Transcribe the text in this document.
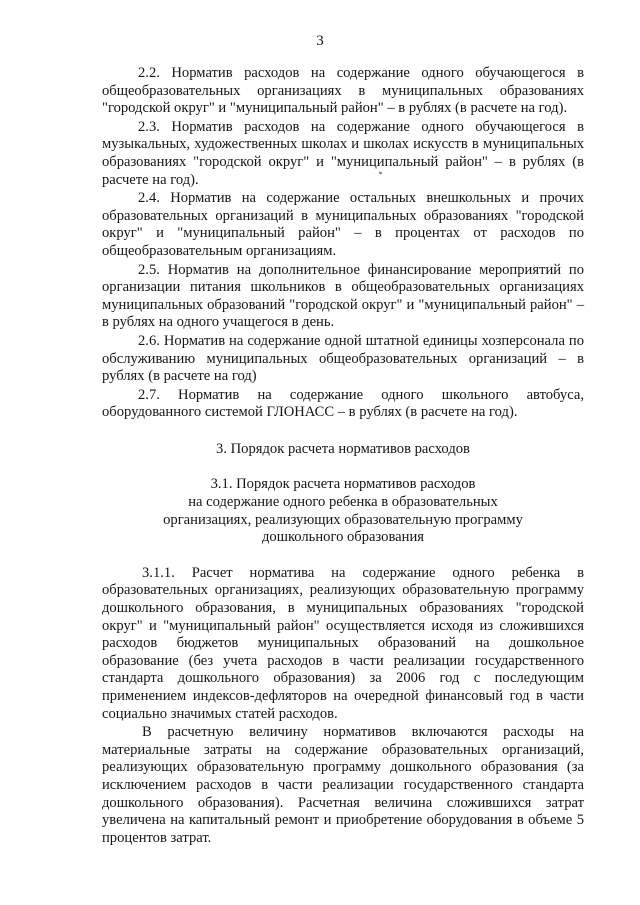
3

2.2. Норматив расходов на содержание одного обучающегося в общеобразовательных организациях в муниципальных образованиях "городской округ" и "муниципальный район" – в рублях (в расчете на год).

2.3. Норматив расходов на содержание одного обучающегося в музыкальных, художественных школах и школах искусств в муниципальных образованиях "городской округ" и "муниципальный район" – в рублях (в расчете на год).

2.4. Норматив на содержание остальных внешкольных и прочих образовательных организаций в муниципальных образованиях "городской округ" и "муниципальный район" – в процентах от расходов по общеобразовательным организациям.

2.5. Норматив на дополнительное финансирование мероприятий по организации питания школьников в общеобразовательных организациях муниципальных образований "городской округ" и "муниципальный район" – в рублях на одного учащегося в день.

2.6. Норматив на содержание одной штатной единицы хозперсонала по обслуживанию муниципальных общеобразовательных организаций – в рублях (в расчете на год)

2.7. Норматив на содержание одного школьного автобуса, оборудованного системой ГЛОНАСС – в рублях (в расчете на год).

3. Порядок расчета нормативов расходов

3.1. Порядок расчета нормативов расходов
на содержание одного ребенка в образовательных
организациях, реализующих образовательную программу
дошкольного образования

3.1.1. Расчет норматива на содержание одного ребенка в образовательных организациях, реализующих образовательную программу дошкольного образования, в муниципальных образованиях "городской округ" и "муниципальный район" осуществляется исходя из сложившихся расходов бюджетов муниципальных образований на дошкольное образование (без учета расходов в части реализации государственного стандарта дошкольного образования) за 2006 год с последующим применением индексов-дефляторов на очередной финансовый год в части социально значимых статей расходов.

В расчетную величину нормативов включаются расходы на материальные затраты на содержание образовательных организаций, реализующих образовательную программу дошкольного образования (за исключением расходов в части реализации государственного стандарта дошкольного образования). Расчетная величина сложившихся затрат увеличена на капитальный ремонт и приобретение оборудования в объеме 5 процентов затрат.
